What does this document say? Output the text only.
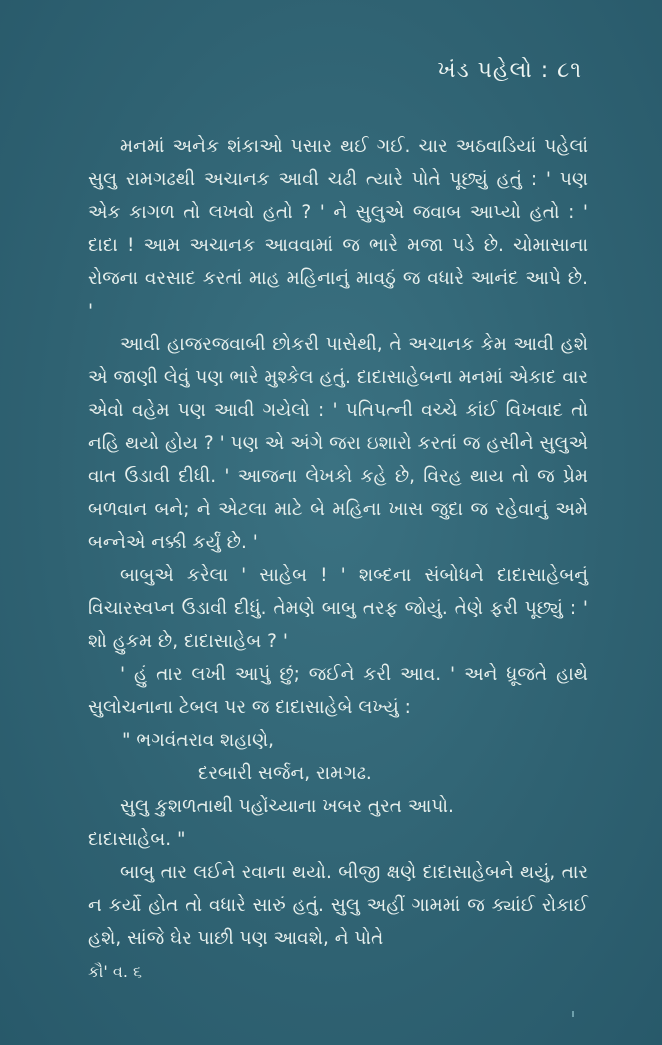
ખંડ પહેલો : ૮૧

મનમાં અનેક શંકાઓ પસાર થઈ ગઈ. ચાર અઠવાડિયાં પહેલાં સુલુ રામગઢથી અચાનક આવી ચઢી ત્યારે પોતે પૂછ્યું હતું : ' પણ એક કાગળ તો લખવો હતો ? ' ને સુલુએ જવાબ આપ્યો હતો : ' દાદા ! આમ અચાનક આવવામાં જ ભારે મજા પડે છે. ચોમાસાના રોજના વરસાદ કરતાં માહ મહિનાનું માવઠું જ વધારે આનંદ આપે છે. '

આવી હાજરજવાબી છોકરી પાસેથી, તે અચાનક કેમ આવી હશે એ જાણી લેવું પણ ભારે મુશ્કેલ હતું. દાદાસાહેબના મનમાં એકાદ વાર એવો વહેમ પણ આવી ગયેલો : ' પતિપત્ની વચ્ચે કાંઈ વિખવાદ તો નહિ થયો હોય ? ' પણ એ અંગે જરા ઇશારો કરતાં જ હસીને સુલુએ વાત ઉડાવી દીધી. ' આજના લેખકો કહે છે, વિરહ થાય તો જ પ્રેમ બળવાન બને; ને એટલા માટે બે મહિના ખાસ જુદા જ રહેવાનું અમે બન્નેએ નક્કી કર્યું છે. '

બાબુએ કરેલા ' સાહેબ ! ' શબ્દના સંબોધને દાદાસાહેબનું વિચારસ્વપ્ન ઉડાવી દીધું. તેમણે બાબુ તરફ જોયું. તેણે ફરી પૂછ્યું : ' શો હુકમ છે, દાદાસાહેબ ? '

' હું તાર લખી આપું છું; જઈને કરી આવ. ' અને ધ્રૂજતે હાથે સુલોચનાના ટેબલ પર જ દાદાસાહેબે લખ્યું :

" ભગવંતરાવ શહાણે,

દરબારી સર્જન, રામગઢ.

સુલુ કુશળતાથી પહોંચ્યાના ખબર તુરત આપો.

દાદાસાહેબ. "

બાબુ તાર લઈને રવાના થયો. બીજી ક્ષણે દાદાસાહેબને થયું, તાર ન કર્યો હોત તો વધારે સારું હતું. સુલુ અહીં ગામમાં જ ક્યાંઈ રોકાઈ હશે, સાંજે ઘેર પાછી પણ આવશે, ને પોતે

કૌ' વ. ૬
